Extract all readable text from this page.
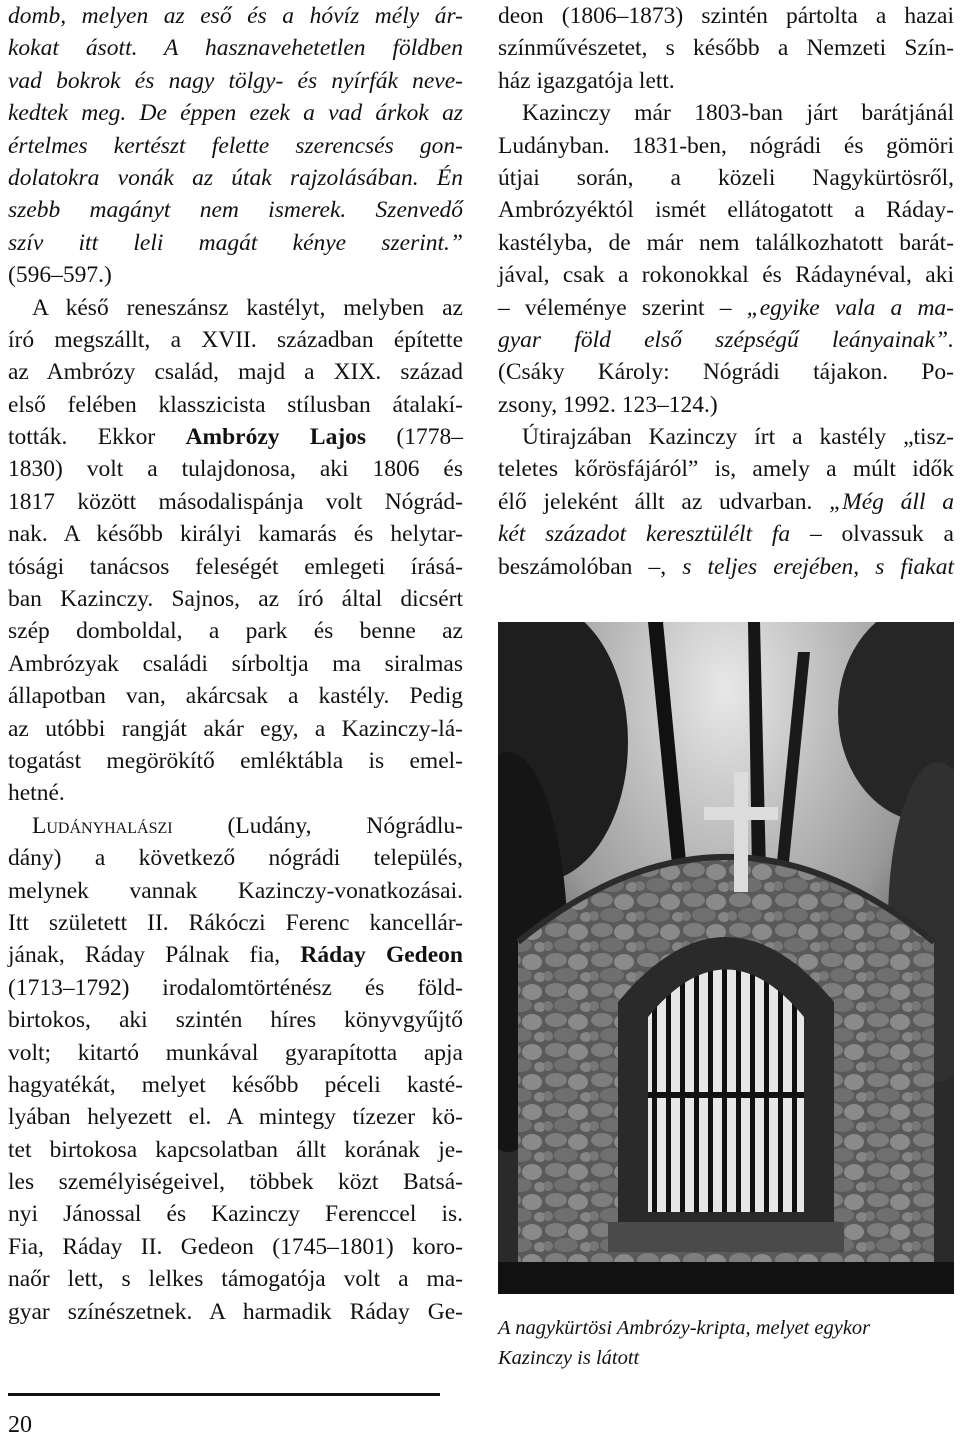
domb, melyen az eső és a hóvíz mély ár-
kokat ásott. A hasznavehetetlen földben
vad bokrok és nagy tölgy- és nyírfák neve-
kedtek meg. De éppen ezek a vad árkok az
értelmes kertészt felette szerencsés gon-
dolatokra vonák az útak rajzolásában. Én
szebb magányt nem ismerek. Szenvedő
szív itt leli magát kénye szerint.”
(596–597.)
A késő reneszánsz kastélyt, melyben az
író megszállt, a XVII. században építette
az Ambrózy család, majd a XIX. század
első felében klasszicista stílusban átalakí-
tották. Ekkor Ambrózy Lajos (1778–
1830) volt a tulajdonosa, aki 1806 és
1817 között másodalispánja volt Nógrád-
nak. A később királyi kamarás és helytar-
tósági tanácsos feleségét emlegeti írásá-
ban Kazinczy. Sajnos, az író által dicsért
szép domboldal, a park és benne az
Ambrózyak családi sírboltja ma siralmas
állapotban van, akárcsak a kastély. Pedig
az utóbbi rangját akár egy, a Kazinczy-lá-
togatást megörökítő emléktábla is emel-
hetné.
Ludányhalászi (Ludány, Nógrádlu-
dány) a következő nógrádi település,
melynek vannak Kazinczy-vonatkozásai.
Itt született II. Rákóczi Ferenc kancellár-
jának, Ráday Pálnak fia, Ráday Gedeon
(1713–1792) irodalomtörténész és föld-
birtokos, aki szintén híres könyvgyűjtő
volt; kitartó munkával gyarapította apja
hagyatékát, melyet később péceli kasté-
lyában helyezett el. A mintegy tízezer kö-
tet birtokosa kapcsolatban állt korának je-
les személyiségeivel, többek közt Batsá-
nyi Jánossal és Kazinczy Ferenccel is.
Fia, Ráday II. Gedeon (1745–1801) koro-
naőr lett, s lelkes támogatója volt a ma-
gyar színészetnek. A harmadik Ráday Ge-
deon (1806–1873) szintén pártolta a hazai
színművészetet, s később a Nemzeti Szín-
ház igazgatója lett.
Kazinczy már 1803-ban járt barátjánál
Ludányban. 1831-ben, nógrádi és gömöri
útjai során, a közeli Nagykürtösről,
Ambrózyéktól ismét ellátogatott a Ráday-
kastélyba, de már nem találkozhatott barát-
jával, csak a rokonokkal és Rádaynéval, aki
– véleménye szerint – „egyike vala a ma-
gyar föld első szépségű leányainak”.
(Csáky Károly: Nógrádi tájakon. Po-
zsony, 1992. 123–124.)
Útirajzában Kazinczy írt a kastély „tisz-
teletes kőrösfájáról” is, amely a múlt idők
élő jeleként állt az udvarban. „Még áll a
két századot keresztülélt fa – olvassuk a
beszámolóban –, s teljes erejében, s fiakat
A nagykürtösi Ambrózy-kripta, melyet egykor
Kazinczy is látott
20
